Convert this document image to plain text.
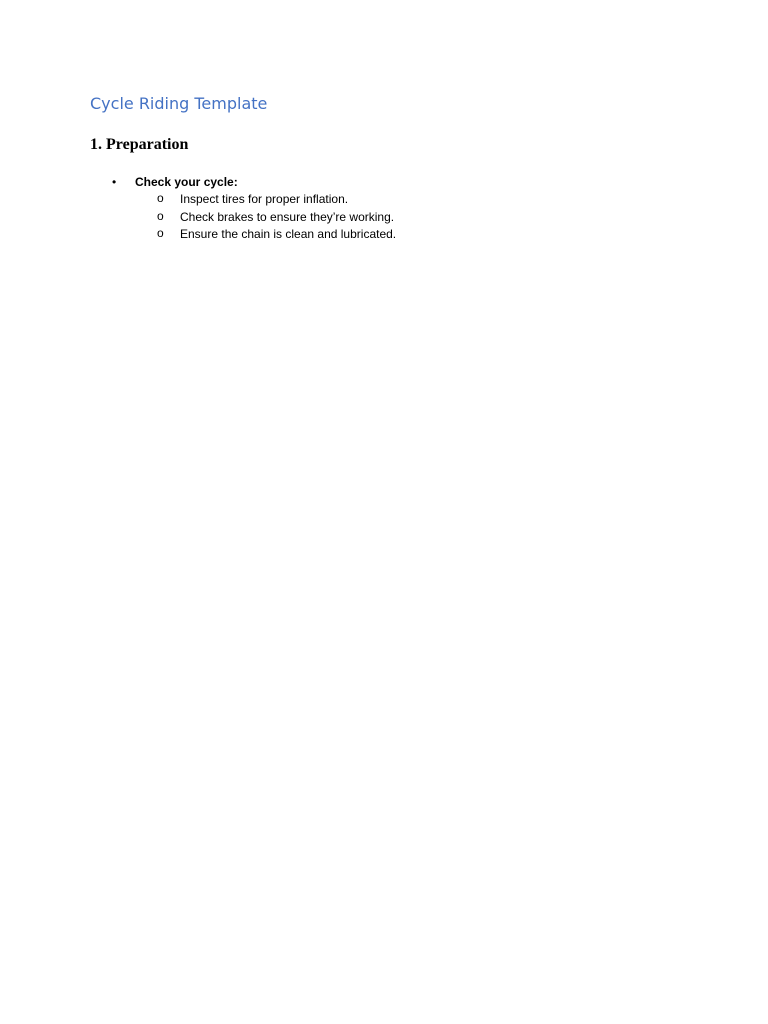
Cycle Riding Template
1. Preparation
•	Check your cycle:
o Inspect tires for proper inflation.
o Check brakes to ensure they’re working.
o Ensure the chain is clean and lubricated.
